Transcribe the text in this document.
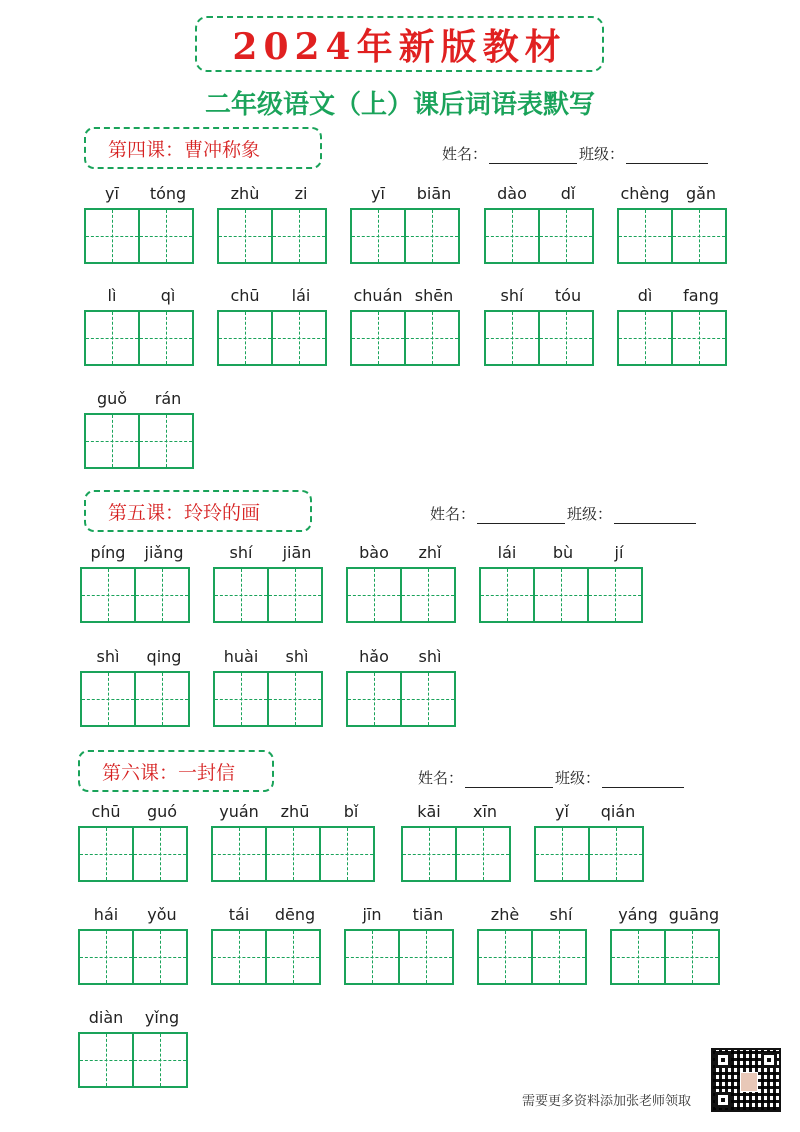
2024年新版教材
二年级语文（上）课后词语表默写
第四课：曹冲称象	姓名：	班级：
yī	tóng	zhù	zi	yī	biān	dào	dǐ	chèng	gǎn
lì	qì	chū	lái	chuán shēn	shí	tóu	dì	fang
guǒ	rán
第五课：玲玲的画	姓名：	班级：
píng	jiǎng	shí	jiān	bào	zhǐ	lái	bù	jí
shì	qing	huài	shì	hǎo	shì
第六课：一封信	姓名：	班级：
chū	guó	yuán	zhū	bǐ	kāi	xīn	yǐ	qián
hái	yǒu	tái	dēng	jīn	tiān	zhè	shí	yáng guāng
diàn	yǐng
需要更多资料添加张老师领取
